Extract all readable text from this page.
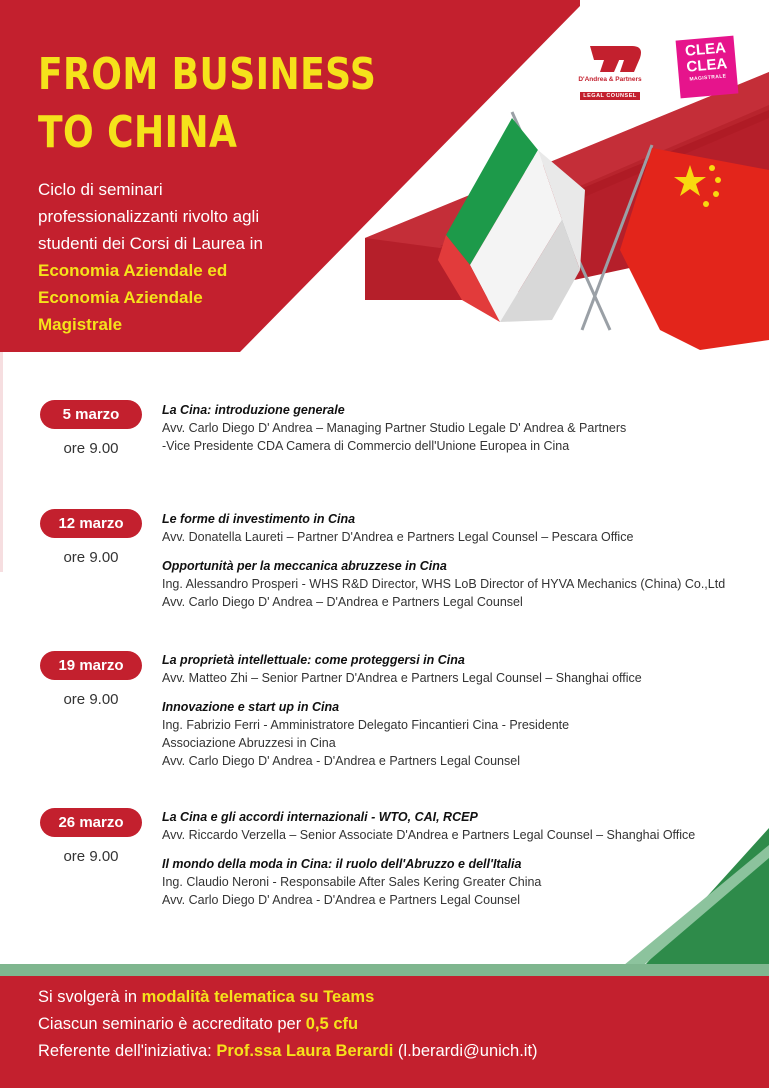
FROM BUSINESS
TO CHINA
Ciclo di seminari
professionalizzanti rivolto agli
studenti dei Corsi di Laurea in
Economia Aziendale ed
Economia Aziendale
Magistrale
D'Andrea & Partners
LEGAL COUNSEL
CLEA
CLEA
MAGISTRALE
5 marzo
ore 9.00
La Cina: introduzione generale
Avv. Carlo Diego D' Andrea – Managing Partner Studio Legale D' Andrea & Partners
-Vice Presidente CDA Camera di Commercio dell'Unione Europea in Cina
12 marzo
ore 9.00
Le forme di investimento in Cina
Avv. Donatella Laureti – Partner D'Andrea e Partners Legal Counsel – Pescara Office
Opportunità per la meccanica abruzzese in Cina
Ing. Alessandro Prosperi - WHS R&D Director, WHS LoB Director of HYVA Mechanics (China) Co.,Ltd
Avv. Carlo Diego D' Andrea – D'Andrea e Partners Legal Counsel
19 marzo
ore 9.00
La proprietà intellettuale: come proteggersi in Cina
Avv. Matteo Zhi – Senior Partner D'Andrea e Partners Legal Counsel – Shanghai office
Innovazione e start up in Cina
Ing. Fabrizio Ferri - Amministratore Delegato Fincantieri Cina - Presidente
Associazione Abruzzesi in Cina
Avv. Carlo Diego D' Andrea - D'Andrea e Partners Legal Counsel
26 marzo
ore 9.00
La Cina e gli accordi internazionali - WTO, CAI, RCEP
Avv. Riccardo Verzella – Senior Associate D'Andrea e Partners Legal Counsel – Shanghai Office
Il mondo della moda in Cina: il ruolo dell'Abruzzo e dell'Italia
Ing. Claudio Neroni - Responsabile After Sales Kering Greater China
Avv. Carlo Diego D' Andrea - D'Andrea e Partners Legal Counsel
Si svolgerà in modalità telematica su Teams
Ciascun seminario è accreditato per 0,5 cfu
Referente dell'iniziativa: Prof.ssa Laura Berardi (l.berardi@unich.it)
